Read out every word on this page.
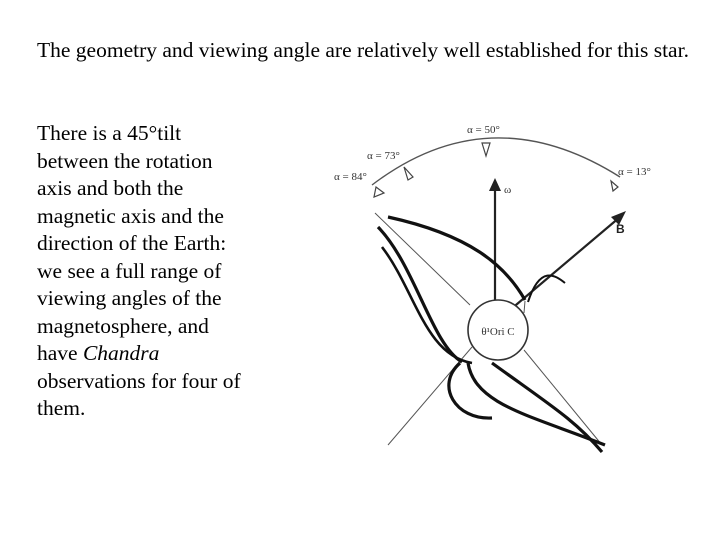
The geometry and viewing angle are relatively well established for this star.

There is a 45°tilt
between the rotation
axis and both the
magnetic axis and the
direction of the Earth:
we see a full range of
viewing angles of the
magnetosphere, and
have Chandra
observations for four of
them.
α = 84°
α = 73°
α = 50°
α = 13°
ω
B
θ¹Ori C
